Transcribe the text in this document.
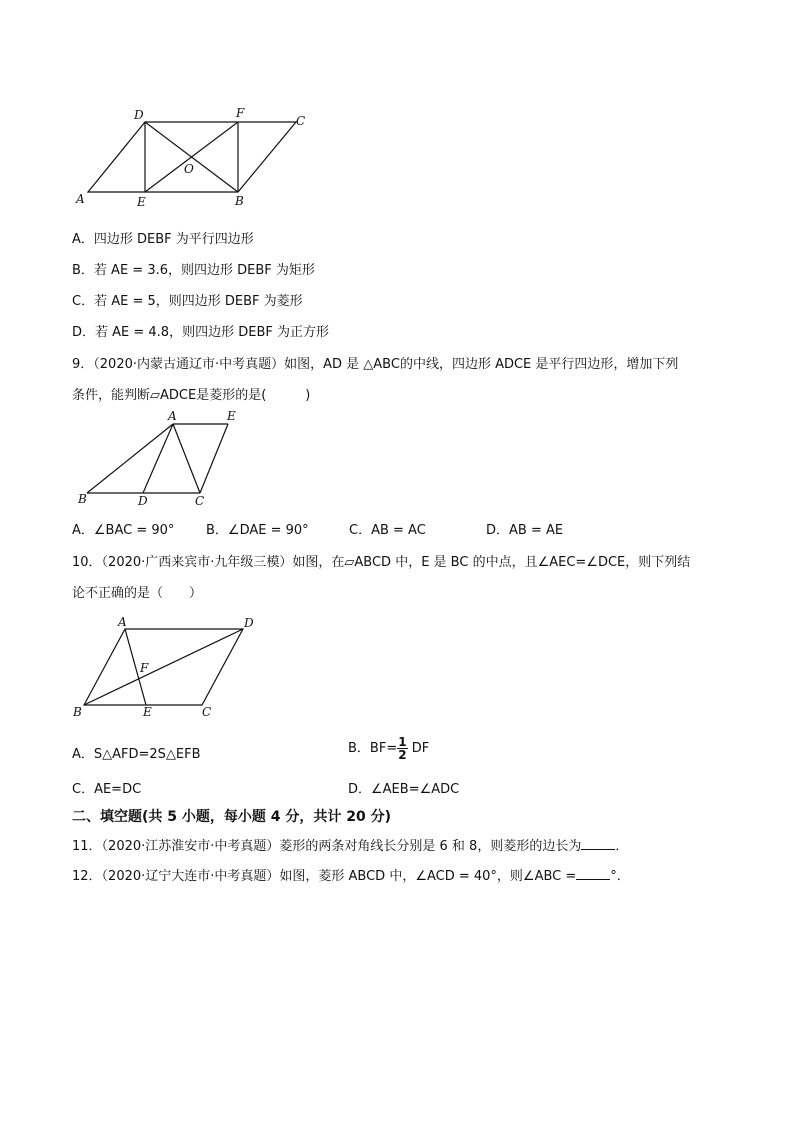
D	F
C
O
A	E	B
A．四边形 DEBF 为平行四边形
B．若 AE = 3.6，则四边形 DEBF 为矩形
C．若 AE = 5，则四边形 DEBF 为菱形
D．若 AE = 4.8，则四边形 DEBF 为正方形
9．（2020·内蒙古通辽市·中考真题）如图，AD 是 △ABC的中线，四边形 ADCE 是平行四边形，增加下列
条件，能判断▱ADCE是菱形的是(　　　)
A	E
B	D	C
A．∠BAC = 90° B．∠DAE = 90°	C．AB = AC	D．AB = AE
10．（2020·广西来宾市·九年级三模）如图，在▱ABCD 中，E 是 BC 的中点，且∠AEC=∠DCE，则下列结
论不正确的是（　　）
A	D
F
B	E	C
A．S△AFD=2S△EFB	B．$BF= \frac{1}{2}$ DF
C．AE=DC	D．∠AEB=∠ADC
二、填空题(共 5 小题，每小题 4 分，共计 20 分)
11．（2020·江苏淮安市·中考真题）菱形的两条对角线长分别是 6 和 8，则菱形的边长为	．
12．（2020·辽宁大连市·中考真题）如图，菱形 ABCD 中，∠ACD = 40°，则∠ABC =	°．
